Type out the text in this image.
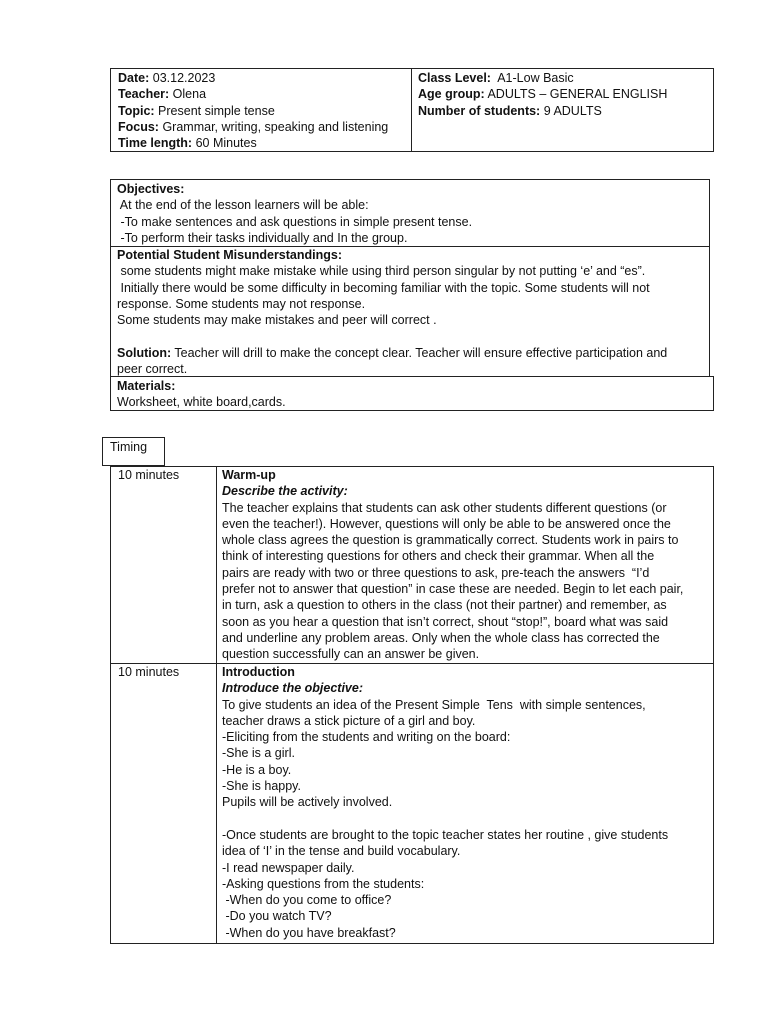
Date: 03.12.2023
Teacher: Olena
Topic: Present simple tense
Focus: Grammar, writing, speaking and listening
Time length: 60 Minutes
Class Level:  A1-Low Basic
Age group: ADULTS – GENERAL ENGLISH
Number of students: 9 ADULTS
Objectives:
At the end of the lesson learners will be able:
-To make sentences and ask questions in simple present tense.
-To perform their tasks individually and In the group.
Potential Student Misunderstandings:
some students might make mistake while using third person singular by not putting ‘e’ and “es”.
Initially there would be some difficulty in becoming familiar with the topic. Some students will not
response. Some students may not response.
Some students may make mistakes and peer will correct .

Solution: Teacher will drill to make the concept clear. Teacher will ensure effective participation and
peer correct.
Materials:
Worksheet, white board,cards.
Timing
10 minutes	Warm-up
Describe the activity:
The teacher explains that students can ask other students different questions (or
even the teacher!). However, questions will only be able to be answered once the
whole class agrees the question is grammatically correct. Students work in pairs to
think of interesting questions for others and check their grammar. When all the
pairs are ready with two or three questions to ask, pre-teach the answers  “I’d
prefer not to answer that question” in case these are needed. Begin to let each pair,
in turn, ask a question to others in the class (not their partner) and remember, as
soon as you hear a question that isn’t correct, shout “stop!”, board what was said
and underline any problem areas. Only when the whole class has corrected the
question successfully can an answer be given.
10 minutes	Introduction
Introduce the objective:
To give students an idea of the Present Simple  Tens  with simple sentences,
teacher draws a stick picture of a girl and boy.
-Eliciting from the students and writing on the board:
-She is a girl.
-He is a boy.
-She is happy.
Pupils will be actively involved.

-Once students are brought to the topic teacher states her routine , give students
idea of ‘I’ in the tense and build vocabulary.
-I read newspaper daily.
-Asking questions from the students:
-When do you come to office?
-Do you watch TV?
-When do you have breakfast?
